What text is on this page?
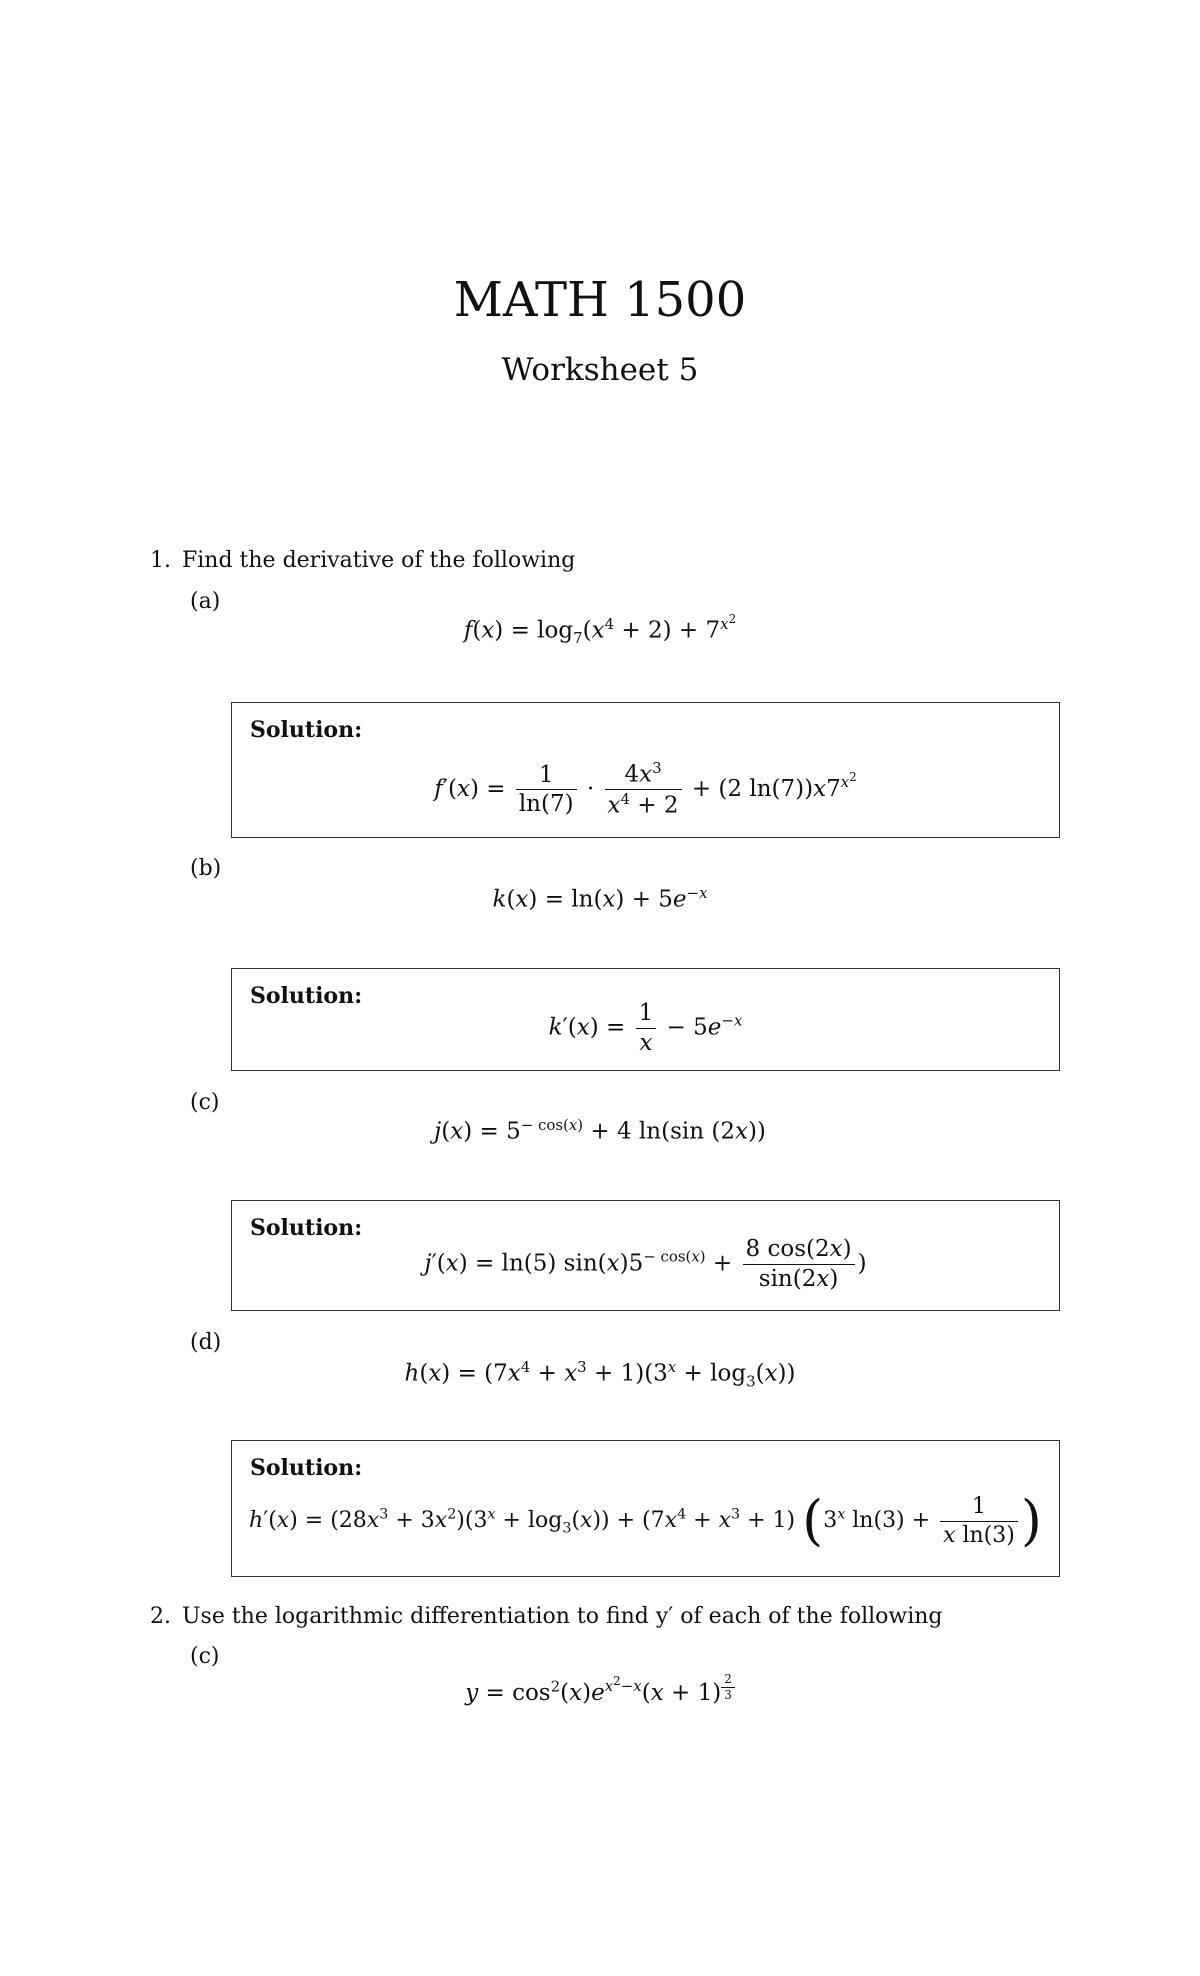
MATH 1500
Worksheet 5
1. Find the derivative of the following
(a)
$f(x) = \log_7(x^4 + 2) + 7^{x^2}$
Solution:
$f'(x) = \frac{1}{\ln(7)} \cdot \frac{4x^3}{x^4 + 2} + (2$ $\ln(7))x7^{x^2}$
(b)
$k(x) = \ln(x) + 5e^{-x}$
Solution:
$k'(x) = \frac{1}{x} - 5e^{-x}$
(c)
$j(x) = 5^{- cos(x)} + 4$ ln(sin (2x))
Solution:
j′(x) = ln(5) $\sin(x)5^{- cos(x)} + \frac{8 \cos(2x)}{\sin(2x)}$ )
(d)
$h(x) = (7x^4 + x^3 + 1)(3^x + \log_3(x))$
Solution:
$h'(x) = (28x^3 + 3x^2)(3^x + \log_3(x)) + (7x^4 + x^3 + 1)$ (3$^x$ $\ln(3) + \frac{1}{\text{x ln(3)}}$ )
2. Use the logarithmic differentiation to find y′ of each of the following
(c)
$y = \cos^2(x)e^{x^2-x}(x + 1)$ $^{\frac{2}{3}}$
